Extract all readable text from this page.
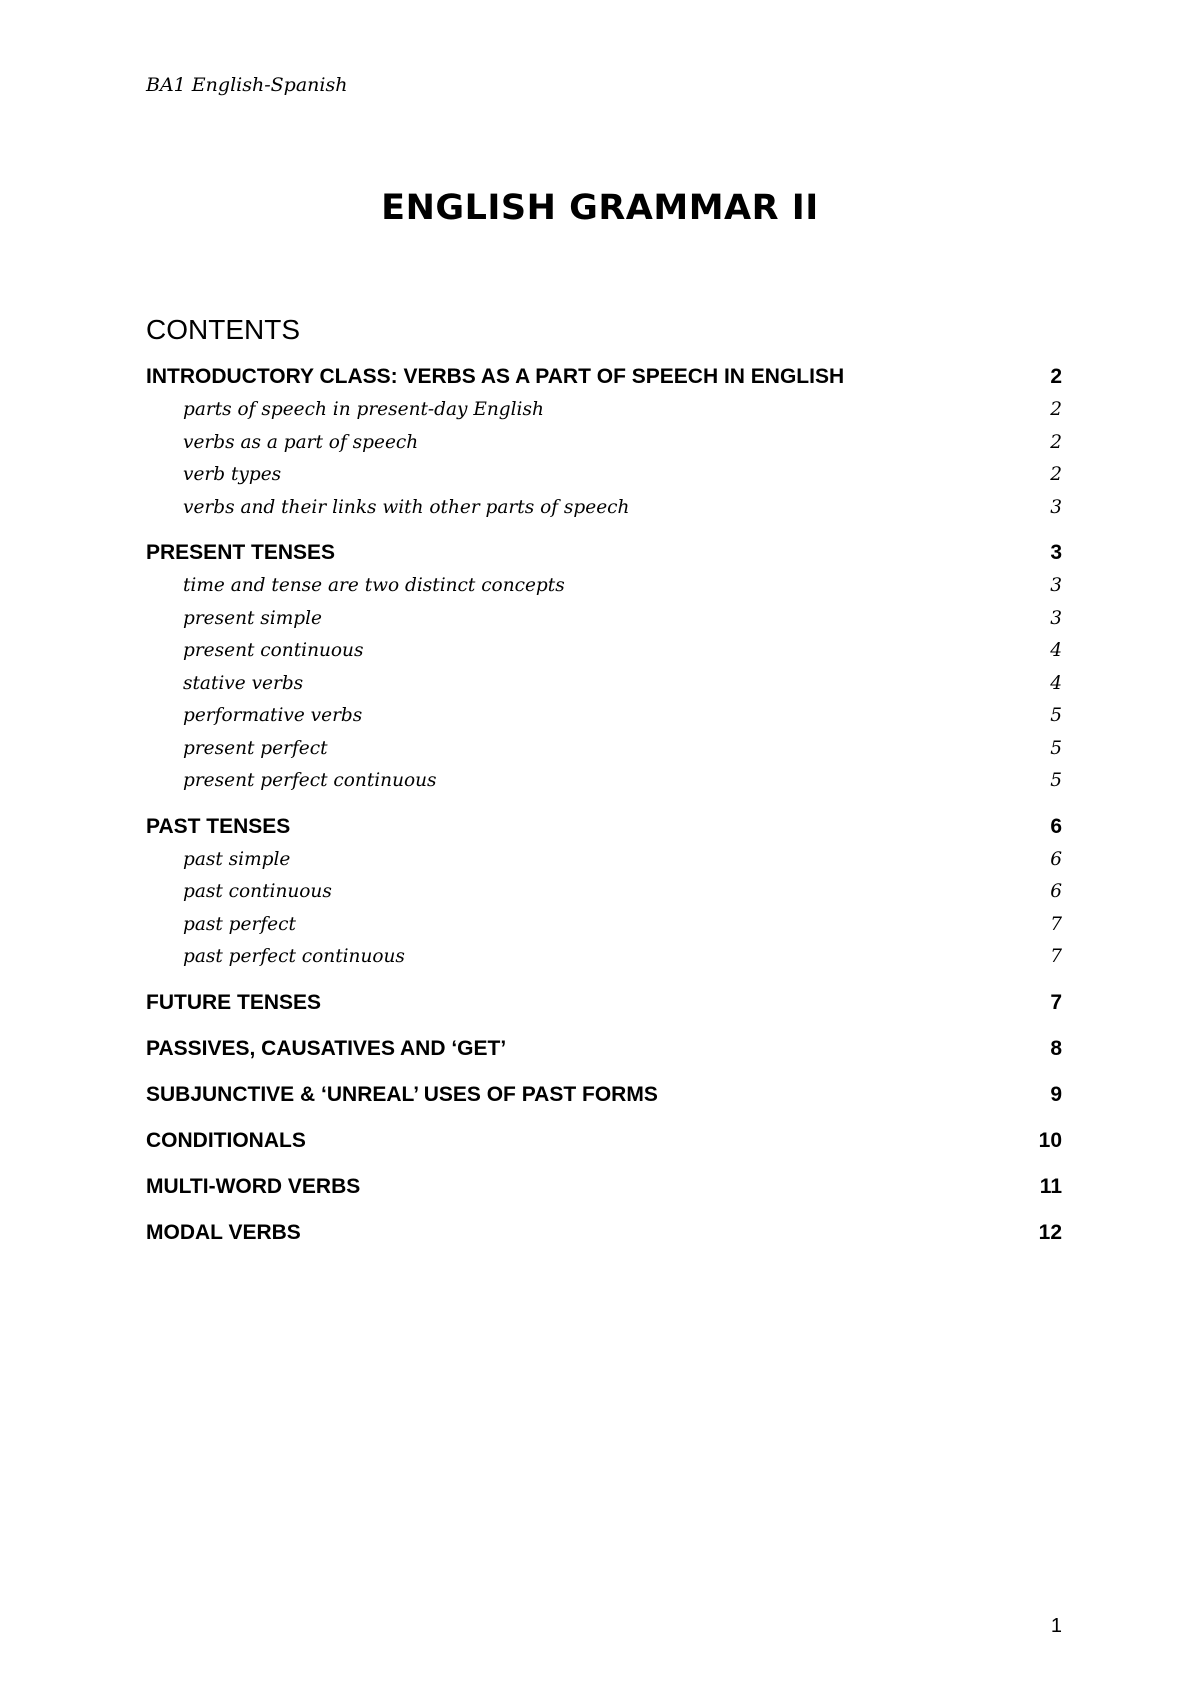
BA1 English-Spanish
ENGLISH GRAMMAR II
CONTENTS
INTRODUCTORY CLASS: VERBS AS A PART OF SPEECH IN ENGLISH	2
parts of speech in present-day English	2
verbs as a part of speech	2
verb types	2
verbs and their links with other parts of speech	3
PRESENT TENSES	3
time and tense are two distinct concepts	3
present simple	3
present continuous	4
stative verbs	4
performative verbs	5
present perfect	5
present perfect continuous	5
PAST TENSES	6
past simple	6
past continuous	6
past perfect	7
past perfect continuous	7
FUTURE TENSES	7
PASSIVES, CAUSATIVES AND ‘GET’	8
SUBJUNCTIVE & ‘UNREAL’ USES OF PAST FORMS	9
CONDITIONALS	10
MULTI-WORD VERBS	11
MODAL VERBS	12
1
